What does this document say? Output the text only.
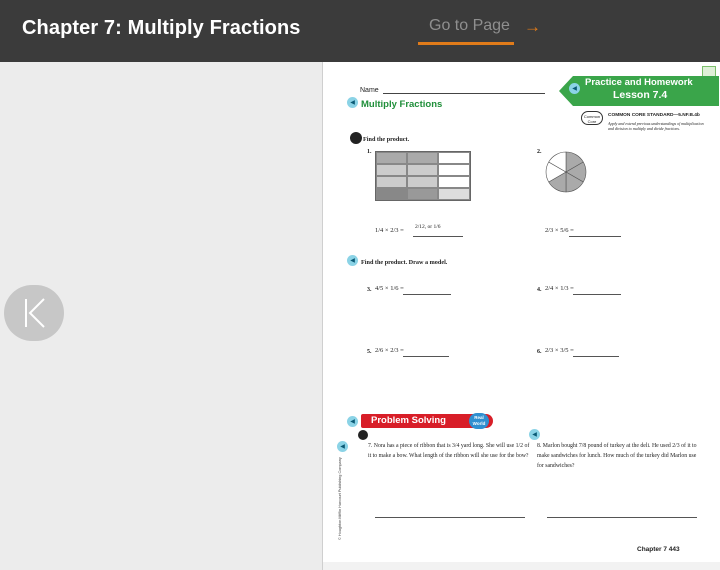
Chapter 7: Multiply Fractions	Go to Page →
◀
Practice and Homework
Lesson 7.4
Name
◀ Multiply Fractions
Common Core
COMMON CORE STANDARD—5.NF.B.4b
Apply and extend previous understandings of multiplication and division to multiply and divide fractions.
Find the product.
1.
1/4 × 2/3 = 2/12, or 1/6
2.
2/3 × 5/6 =
◀ Find the product. Draw a model.
3. 4/5 × 1/6 =	4. 2/4 × 1/3 =
5. 2/6 × 2/3 =	6. 2/3 × 3/5 =
◀	Problem Solving	Real World
◀	7. Nora has a piece of ribbon that is 3/4 yard long. She will use 1/2 of it to make a bow. What length of the ribbon will she use for the bow?
◀
8. Marlon bought 7/8 pound of turkey at the deli. He used 2/3 of it to make sandwiches for lunch. How much of the turkey did Marlon use for sandwiches?
© Houghton Mifflin Harcourt Publishing Company
Chapter 7 443
